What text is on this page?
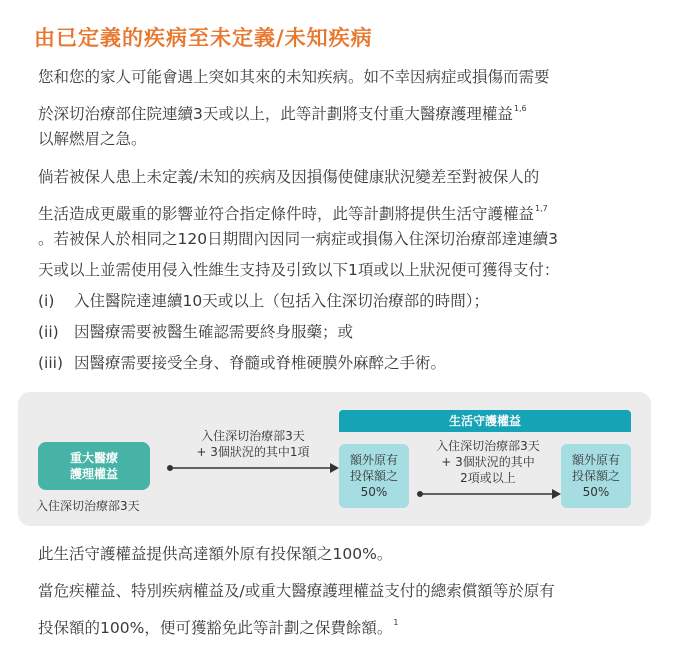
由已定義的疾病至未定義/未知疾病
您和您的家人可能會遇上突如其來的未知疾病。如不幸因病症或損傷而需要
於深切治療部住院連續3天或以上，此等計劃將支付重大醫療護理權益$^{1,6}$
以解燃眉之急。
倘若被保人患上未定義/未知的疾病及因損傷使健康狀況變差至對被保人的
生活造成更嚴重的影響並符合指定條件時，此等計劃將提供生活守護權益$^{1,7}$
。若被保人於相同之120日期間內因同一病症或損傷入住深切治療部達連續3
天或以上並需使用侵入性維生支持及引致以下1項或以上狀況便可獲得支付：
(i) 入住醫院達連續10天或以上（包括入住深切治療部的時間）；
(ii) 因醫療需要被醫生確認需要終身服藥；或
(iii) 因醫療需要接受全身、脊髓或脊椎硬膜外麻醉之手術。
重大醫療
護理權益
入住深切治療部3天
入住深切治療部3天
+ 3個狀況的其中1項
生活守護權益
額外原有
投保額之
50%
入住深切治療部3天
+ 3個狀況的其中
2項或以上
額外原有
投保額之
50%
此生活守護權益提供高達額外原有投保額之100%。
當危疾權益、特別疾病權益及/或重大醫療護理權益支付的總索償額等於原有
投保額的100%，便可獲豁免此等計劃之保費餘額。$^1$
